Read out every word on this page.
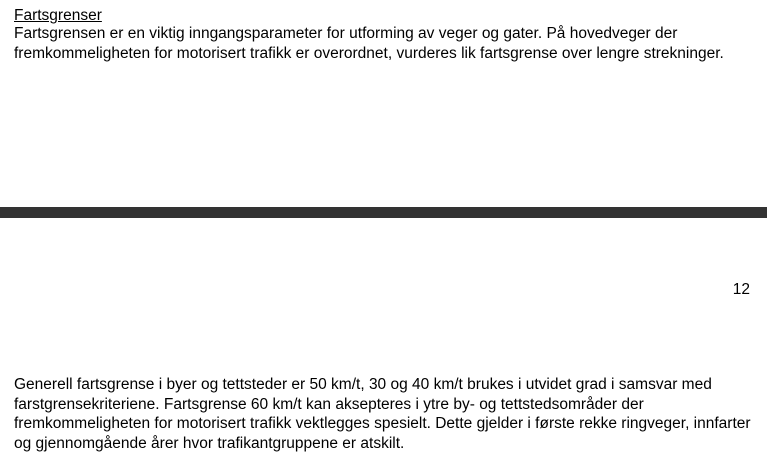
Fartsgrenser

Fartsgrensen er en viktig inngangsparameter for utforming av veger og gater. På hovedveger der fremkommeligheten for motorisert trafikk er overordnet, vurderes lik fartsgrense over lengre strekninger.

12

Generell fartsgrense i byer og tettsteder er 50 km/t, 30 og 40 km/t brukes i utvidet grad i samsvar med farstgrensekriteriene. Fartsgrense 60 km/t kan aksepteres i ytre by- og tettstedsområder der fremkommeligheten for motorisert trafikk vektlegges spesielt. Dette gjelder i første rekke ringveger, innfarter og gjennomgående årer hvor trafikantgruppene er atskilt.
